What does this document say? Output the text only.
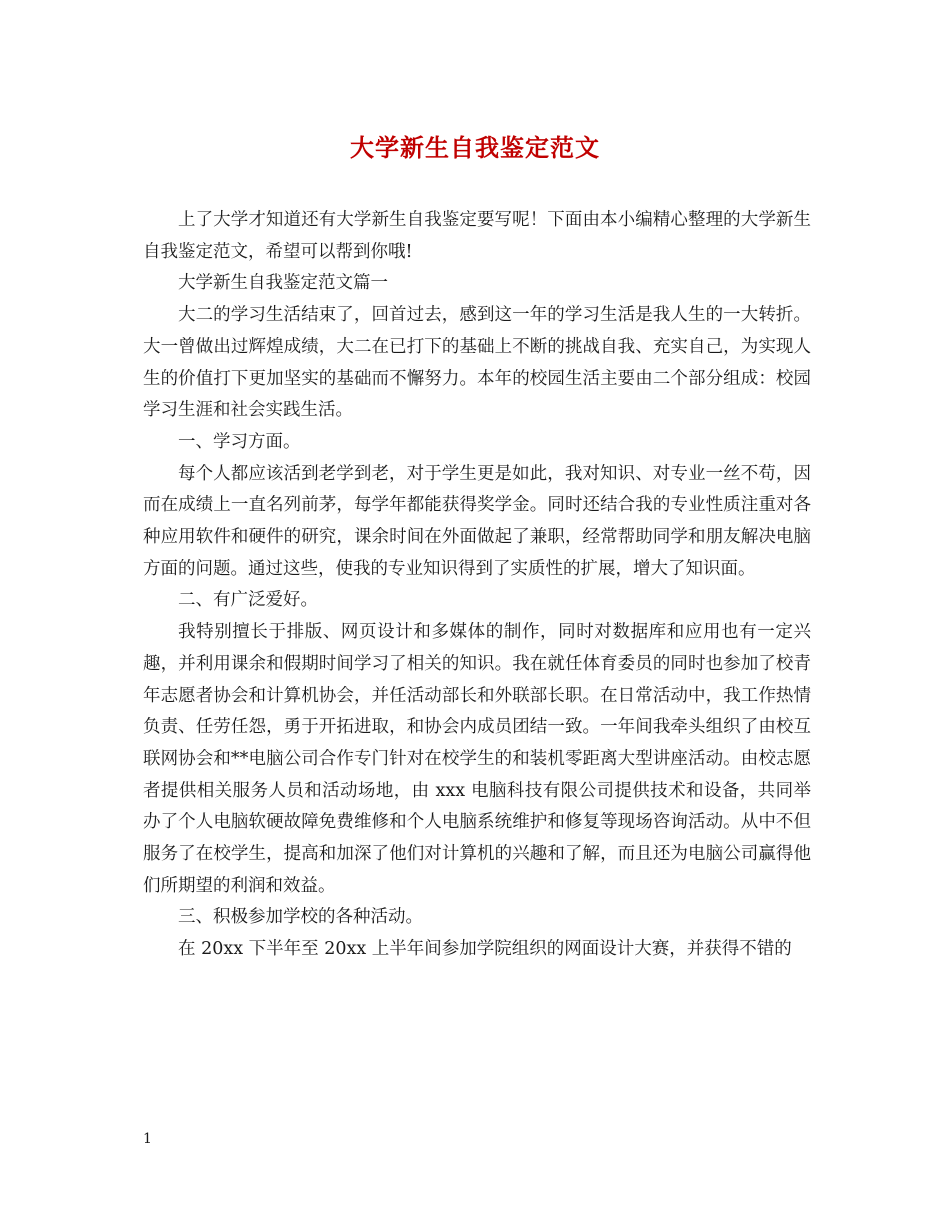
大学新生自我鉴定范文

上了大学才知道还有大学新生自我鉴定要写呢！下面由本小编精心整理的大学新生自我鉴定范文，希望可以帮到你哦!

大学新生自我鉴定范文篇一

大二的学习生活结束了，回首过去，感到这一年的学习生活是我人生的一大转折。大一曾做出过辉煌成绩，大二在已打下的基础上不断的挑战自我、充实自己，为实现人生的价值打下更加坚实的基础而不懈努力。本年的校园生活主要由二个部分组成：校园学习生涯和社会实践生活。

一、学习方面。

每个人都应该活到老学到老，对于学生更是如此，我对知识、对专业一丝不苟，因而在成绩上一直名列前茅，每学年都能获得奖学金。同时还结合我的专业性质注重对各种应用软件和硬件的研究，课余时间在外面做起了兼职，经常帮助同学和朋友解决电脑方面的问题。通过这些，使我的专业知识得到了实质性的扩展，增大了知识面。

二、有广泛爱好。

我特别擅长于排版、网页设计和多媒体的制作，同时对数据库和应用也有一定兴趣，并利用课余和假期时间学习了相关的知识。我在就任体育委员的同时也参加了校青年志愿者协会和计算机协会，并任活动部长和外联部长职。在日常活动中，我工作热情负责、任劳任怨，勇于开拓进取，和协会内成员团结一致。一年间我牵头组织了由校互联网协会和**电脑公司合作专门针对在校学生的和装机零距离大型讲座活动。由校志愿者提供相关服务人员和活动场地，由 xxx 电脑科技有限公司提供技术和设备，共同举办了个人电脑软硬故障免费维修和个人电脑系统维护和修复等现场咨询活动。从中不但服务了在校学生，提高和加深了他们对计算机的兴趣和了解，而且还为电脑公司赢得他们所期望的利润和效益。

三、积极参加学校的各种活动。

在 20xx 下半年至 20xx 上半年间参加学院组织的网面设计大赛，并获得不错的

1
